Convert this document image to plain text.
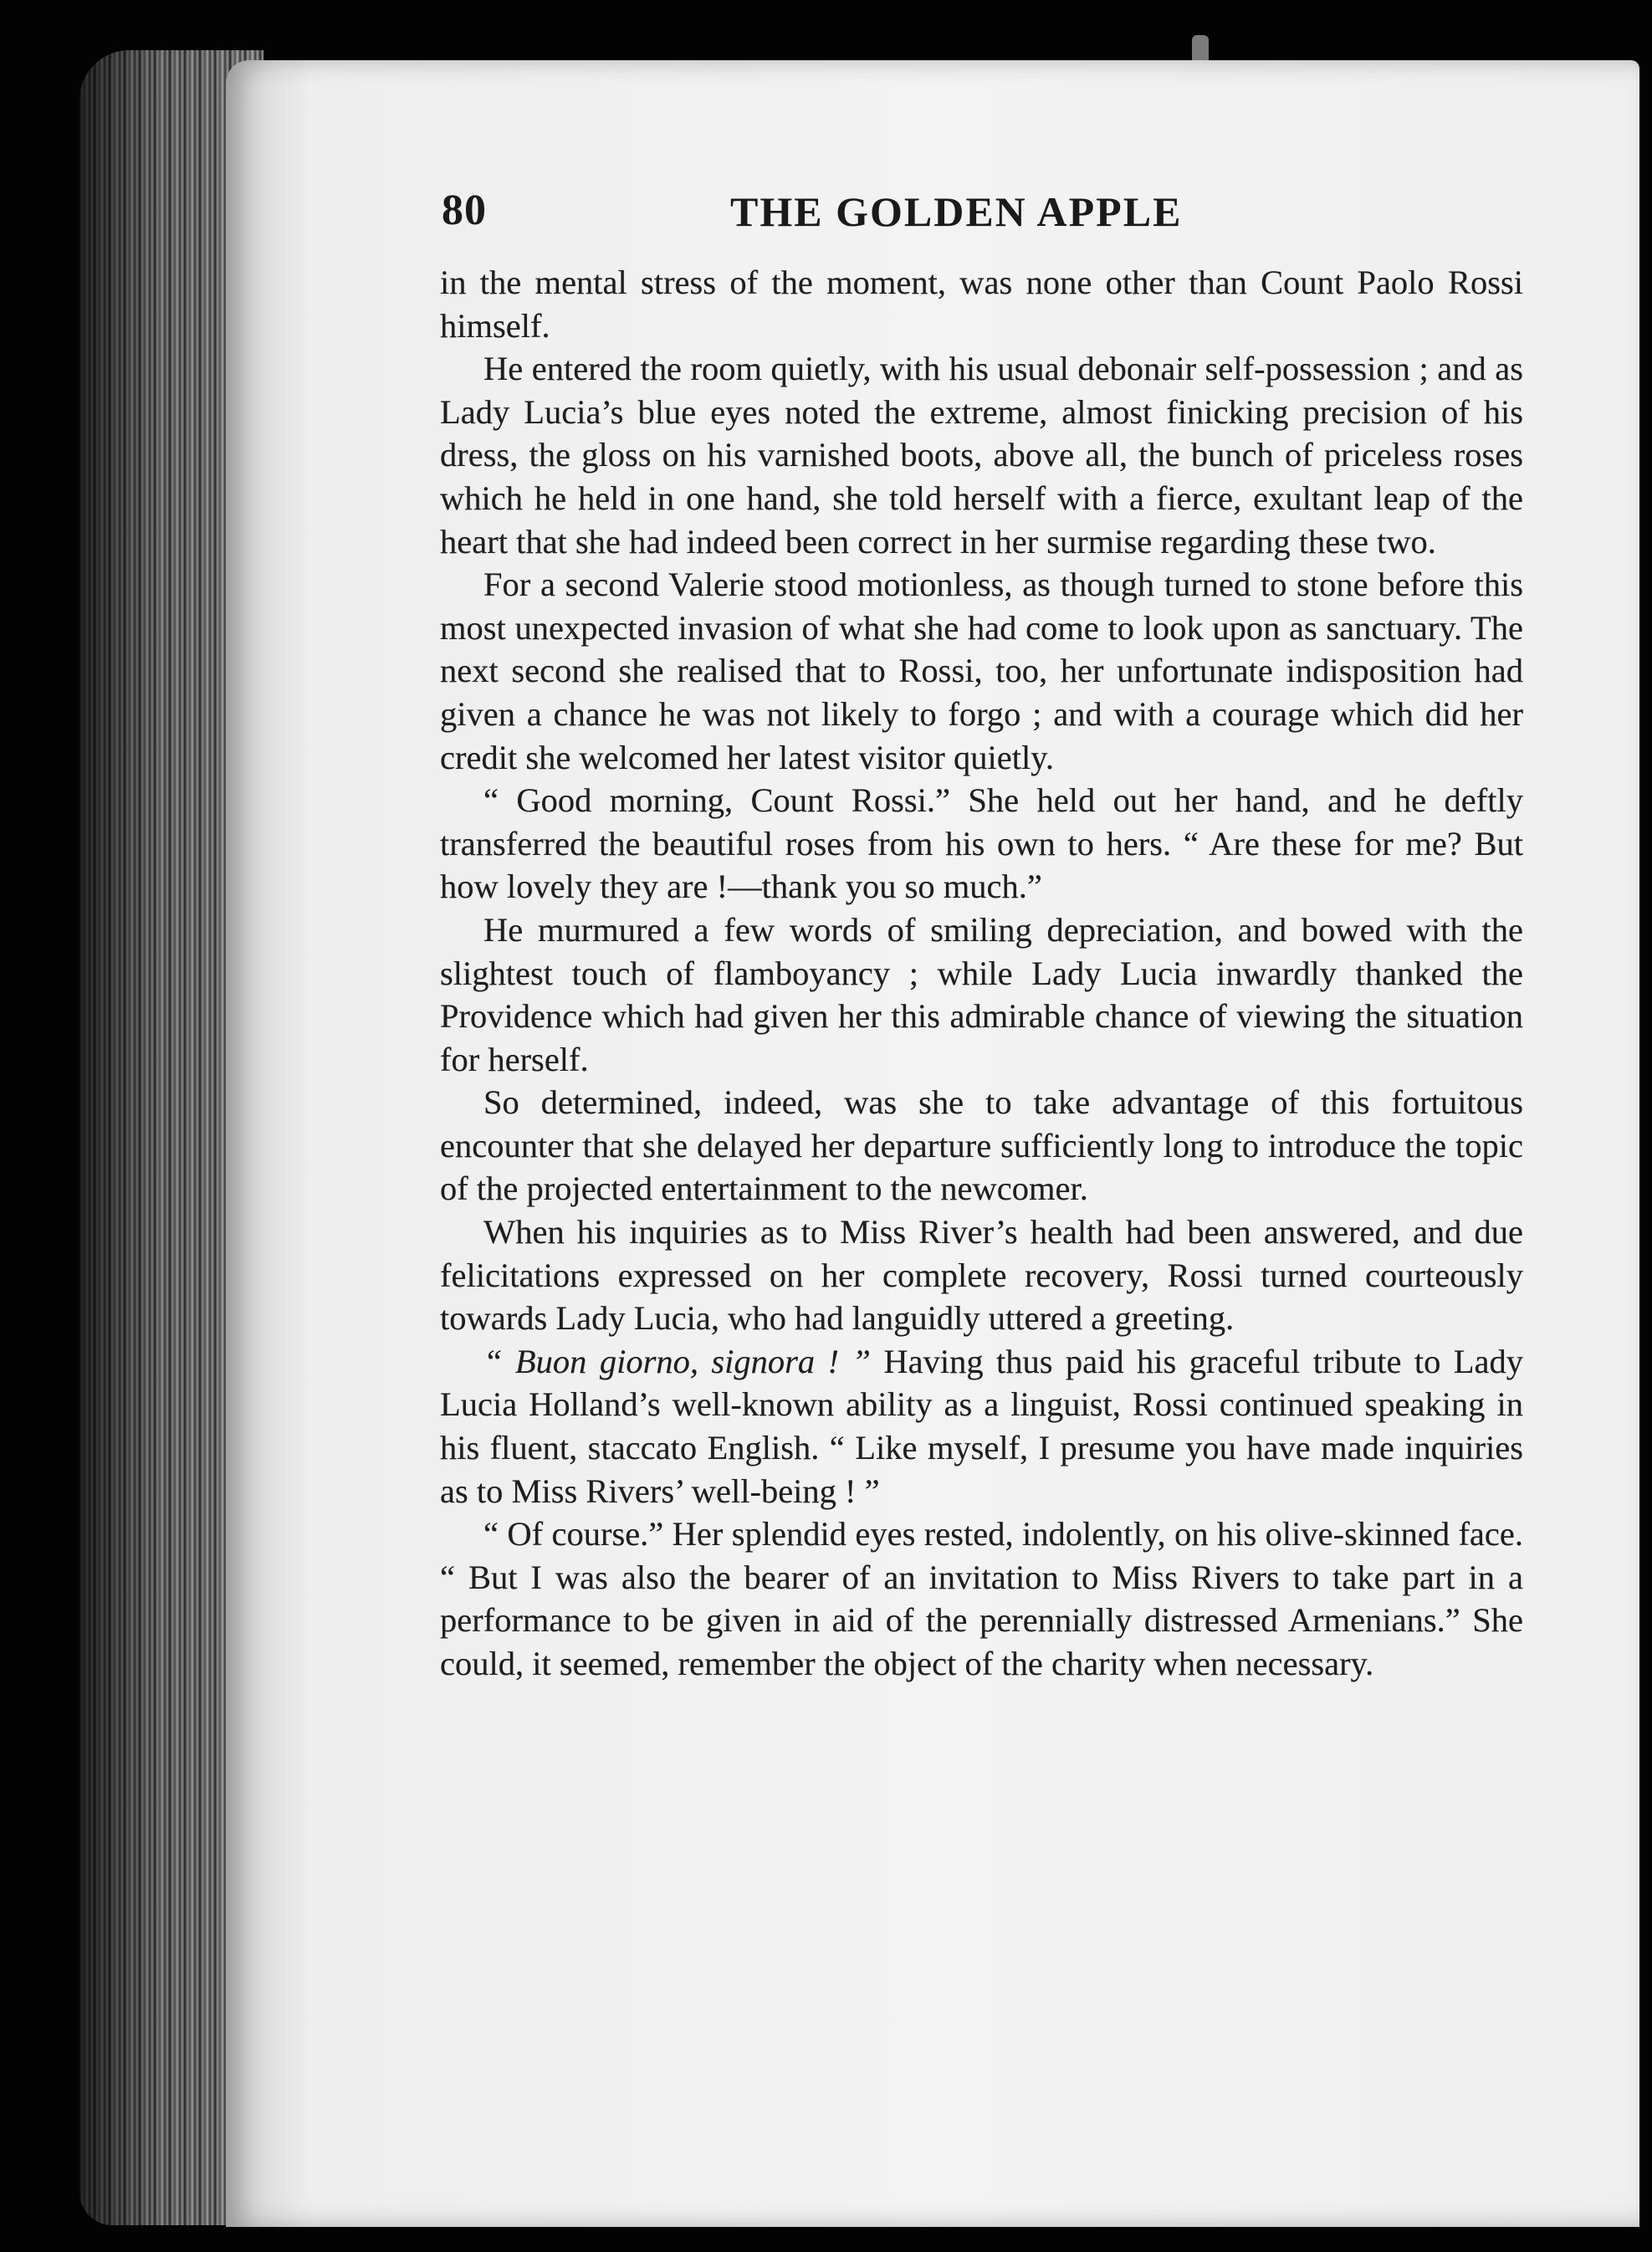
80	THE GOLDEN APPLE

in the mental stress of the moment, was none other than Count Paolo Rossi himself.

He entered the room quietly, with his usual debonair self-possession ; and as Lady Lucia’s blue eyes noted the extreme, almost finicking precision of his dress, the gloss on his varnished boots, above all, the bunch of priceless roses which he held in one hand, she told herself with a fierce, exultant leap of the heart that she had indeed been correct in her surmise regarding these two.

For a second Valerie stood motionless, as though turned to stone before this most unexpected invasion of what she had come to look upon as sanctuary. The next second she realised that to Rossi, too, her unfortunate indisposition had given a chance he was not likely to forgo ; and with a courage which did her credit she welcomed her latest visitor quietly.

“ Good morning, Count Rossi.” She held out her hand, and he deftly transferred the beautiful roses from his own to hers. “ Are these for me? But how lovely they are !—thank you so much.”

He murmured a few words of smiling depreciation, and bowed with the slightest touch of flamboyancy ; while Lady Lucia inwardly thanked the Providence which had given her this admirable chance of viewing the situation for herself.

So determined, indeed, was she to take advantage of this fortuitous encounter that she delayed her departure sufficiently long to introduce the topic of the projected entertainment to the newcomer.

When his inquiries as to Miss River’s health had been answered, and due felicitations expressed on her complete recovery, Rossi turned courteously towards Lady Lucia, who had languidly uttered a greeting.

“ Buon giorno, signora ! ” Having thus paid his graceful tribute to Lady Lucia Holland’s well-known ability as a linguist, Rossi continued speaking in his fluent, staccato English. “ Like myself, I presume you have made inquiries as to Miss Rivers’ well-being ! ”

“ Of course.” Her splendid eyes rested, indolently, on his olive-skinned face. “ But I was also the bearer of an invitation to Miss Rivers to take part in a performance to be given in aid of the perennially distressed Armenians.” She could, it seemed, remember the object of the charity when necessary.
